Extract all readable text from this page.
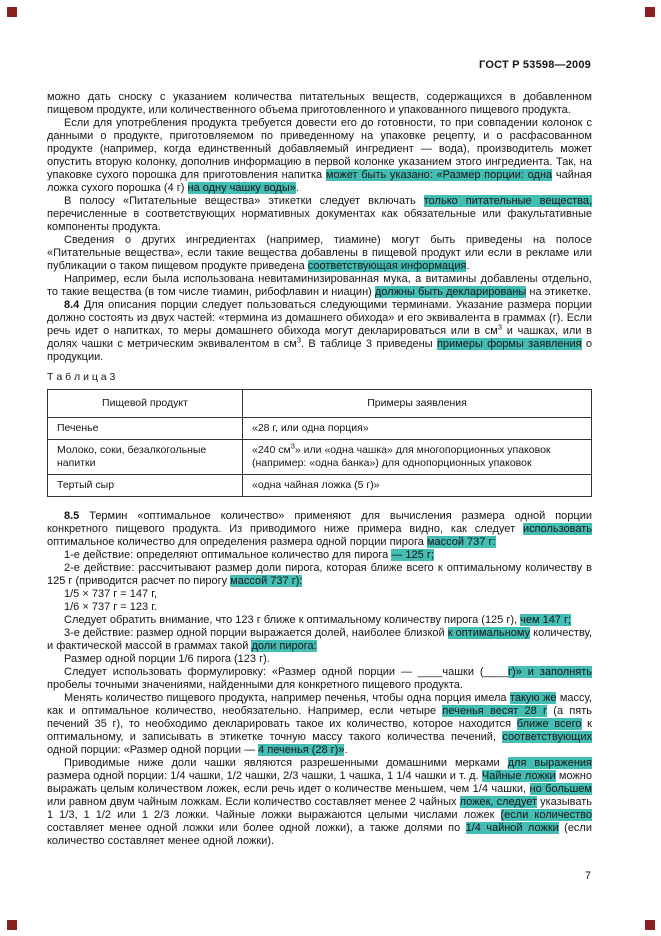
ГОСТ Р 53598—2009

можно дать сноску с указанием количества питательных веществ, содержащихся в добавленном пищевом продукте, или количественного объема приготовленного и упакованного пищевого продукта.

Если для употребления продукта требуется довести его до готовности, то при совпадении колонок с данными о продукте, приготовляемом по приведенному на упаковке рецепту, и о расфасованном продукте (например, когда единственный добавляемый ингредиент — вода), производитель может опустить вторую колонку, дополнив информацию в первой колонке указанием этого ингредиента. Так, на упаковке сухого порошка для приготовления напитка может быть указано: «Размер порции: одна чайная ложка сухого порошка (4 г) на одну чашку воды».

В полосу «Питательные вещества» этикетки следует включать только питательные вещества, перечисленные в соответствующих нормативных документах как обязательные или факультативные компоненты продукта.

Сведения о других ингредиентах (например, тиамине) могут быть приведены на полосе «Питательные вещества», если такие вещества добавлены в пищевой продукт или если в рекламе или публикации о таком пищевом продукте приведена соответствующая информация.

Например, если была использована невитаминизированная мука, а витамины добавлены отдельно, то такие вещества (в том числе тиамин, рибофлавин и ниацин) должны быть декларированы на этикетке.

8.4 Для описания порции следует пользоваться следующими терминами. Указание размера порции должно состоять из двух частей: «термина из домашнего обихода» и его эквивалента в граммах (г). Если речь идет о напитках, то меры домашнего обихода могут декларироваться или в $см^3$ и чашках, или в долях чашки с метрическим эквивалентом в $см^3$. В таблице 3 приведены примеры формы заявления о продукции.

Т а б л и ц а 3
Пищевой продукт	Примеры заявления
Печенье	«28 г, или одна порция»
Молоко, соки, безалкогольные напитки	«240 $см^3$» или «одна чашка» для многопорционных упаковок
(например: «одна банка») для однопорционных упаковок
Тертый сыр	«одна чайная ложка (5 г)»

8.5 Термин «оптимальное количество» применяют для вычисления размера одной порции конкретного пищевого продукта. Из приводимого ниже примера видно, как следует использовать оптимальное количество для определения размера одной порции пирога массой 737 г:

1-е действие: определяют оптимальное количество для пирога — 125 г;

2-е действие: рассчитывают размер доли пирога, которая ближе всего к оптимальному количеству в 125 г (приводится расчет по пирогу массой 737 г):

1/5 × 737 г = 147 г,

1/6 × 737 г = 123 г.

Следует обратить внимание, что 123 г ближе к оптимальному количеству пирога (125 г), чем 147 г;

3-е действие: размер одной порции выражается долей, наиболее близкой к оптимальному количеству, и фактической массой в граммах такой доли пирога:

Размер одной порции 1/6 пирога (123 г).

Следует использовать формулировку: «Размер одной порции — ____чашки (____г)» и заполнять пробелы точными значениями, найденными для конкретного пищевого продукта.

Менять количество пищевого продукта, например печенья, чтобы одна порция имела такую же массу, как и оптимальное количество, необязательно. Например, если четыре печенья весят 28 г (а пять печений 35 г), то необходимо декларировать такое их количество, которое находится ближе всего к оптимальному, и записывать в этикетке точную массу такого количества печений, соответствующих одной порции: «Размер одной порции — 4 печенья (28 г)».

Приводимые ниже доли чашки являются разрешенными домашними мерками для выражения размера одной порции: 1/4 чашки, 1/2 чашки, 2/3 чашки, 1 чашка, 1 1/4 чашки и т. д. Чайные ложки можно выражать целым количеством ложек, если речь идет о количестве меньшем, чем 1/4 чашки, но большем или равном двум чайным ложкам. Если количество составляет менее 2 чайных ложек, следует указывать 1 1/3, 1 1/2 или 1 2/3 ложки. Чайные ложки выражаются целыми числами ложек (если количество составляет менее одной ложки или более одной ложки), а также долями по 1/4 чайной ложки (если количество составляет менее одной ложки).

7
